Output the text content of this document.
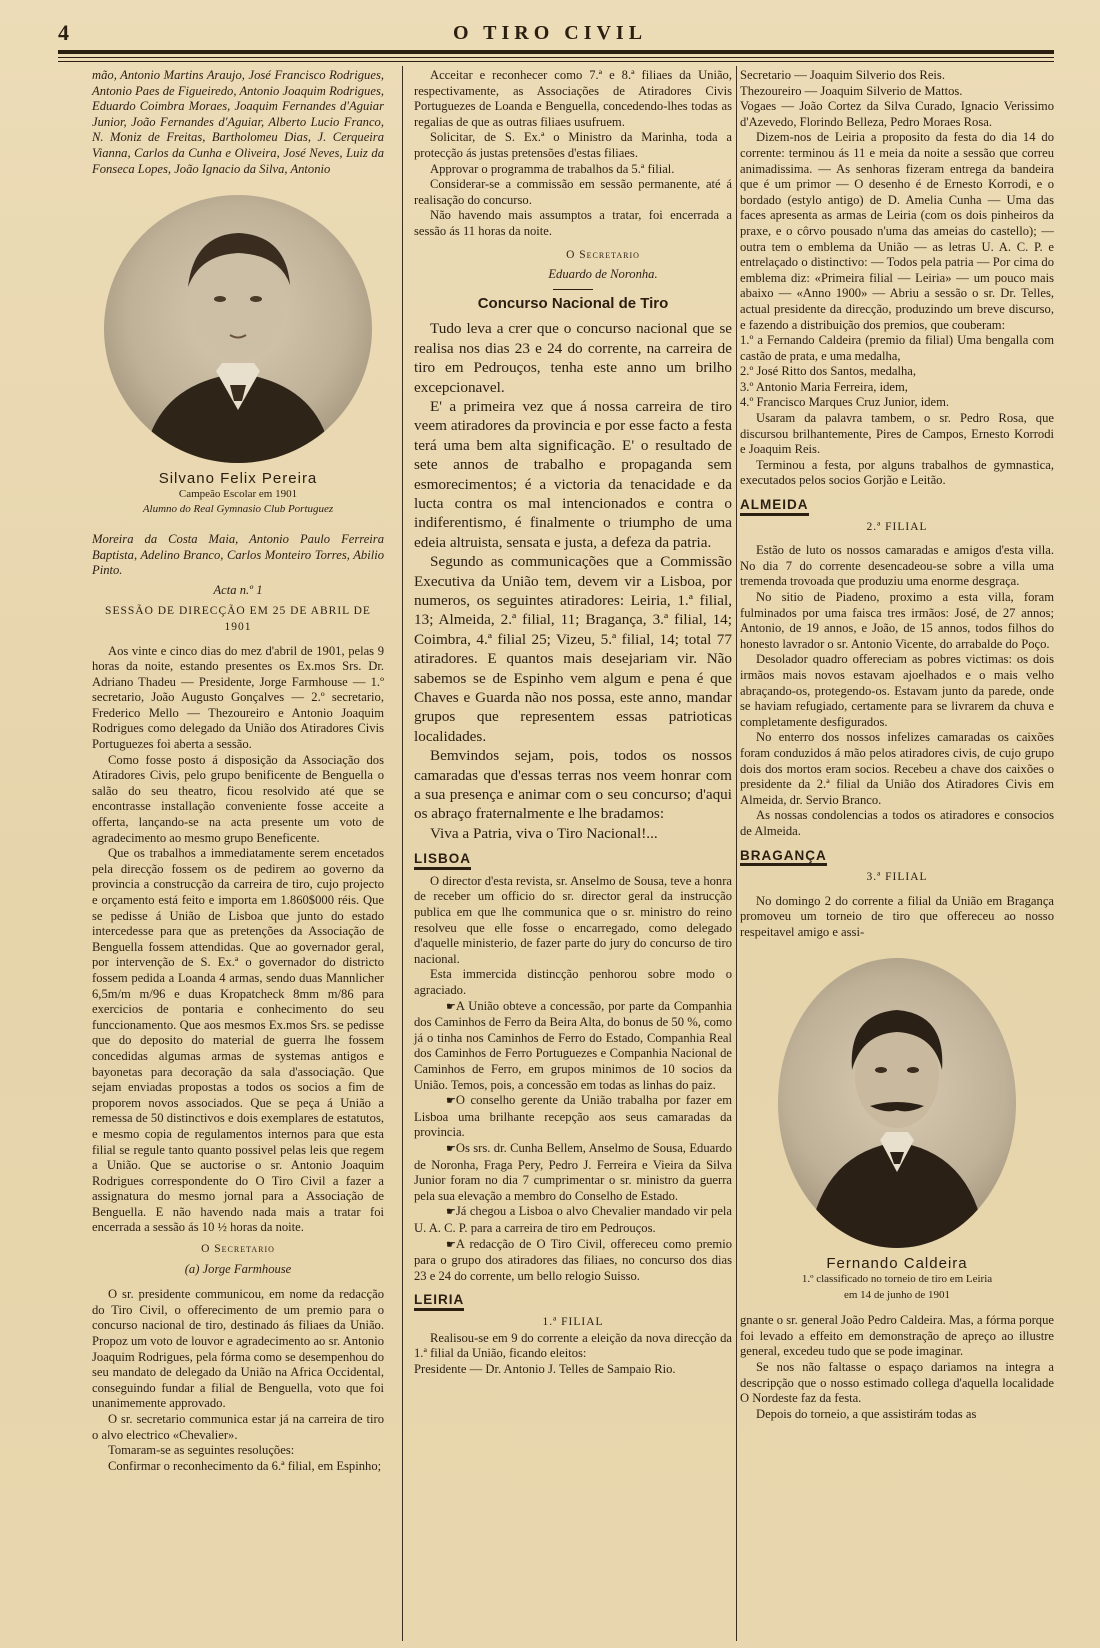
4	O TIRO CIVIL

mão, Antonio Martins Araujo, José Francisco Rodrigues, Antonio Paes de Figueiredo, Antonio Joaquim Rodrigues, Eduardo Coimbra Moraes, Joaquim Fernandes d'Aguiar Junior, João Fernandes d'Aguiar, Alberto Lucio Franco, N. Moniz de Freitas, Bartholomeu Dias, J. Cerqueira Vianna, Carlos da Cunha e Oliveira, José Neves, Luiz da Fonseca Lopes, João Ignacio da Silva, Antonio

Silvano Felix Pereira
Campeão Escolar em 1901
Alumno do Real Gymnasio Club Portuguez

Moreira da Costa Maia, Antonio Paulo Ferreira Baptista, Adelino Branco, Carlos Monteiro Torres, Abilio Pinto.

Acta n.º 1

SESSÃO DE DIRECÇÃO EM 25 DE ABRIL DE 1901

Aos vinte e cinco dias do mez d'abril de 1901, pelas 9 horas da noite, estando presentes os Ex.mos Srs. Dr. Adriano Thadeu — Presidente, Jorge Farmhouse — 1.º secretario, João Augusto Gonçalves — 2.º secretario, Frederico Mello — Thezoureiro e Antonio Joaquim Rodrigues como delegado da União dos Atiradores Civis Portuguezes foi aberta a sessão.

Como fosse posto á disposição da Associação dos Atiradores Civis, pelo grupo benificente de Benguella o salão do seu theatro, ficou resolvido até que se encontrasse installação conveniente fosse acceite a offerta, lançando-se na acta presente um voto de agradecimento ao mesmo grupo Beneficente.

Que os trabalhos a immediatamente serem encetados pela direcção fossem os de pedirem ao governo da provincia a construcção da carreira de tiro, cujo projecto e orçamento está feito e importa em 1.860$000 réis. Que se pedisse á União de Lisboa que junto do estado intercedesse para que as pretenções da Associação de Benguella fossem attendidas. Que ao governador geral, por intervenção de S. Ex.ª o governador do districto fossem pedida a Loanda 4 armas, sendo duas Mannlicher 6,5m/m m/96 e duas Kropatcheck 8mm m/86 para exercicios de pontaria e conhecimento do seu funccionamento. Que aos mesmos Ex.mos Srs. se pedisse que do deposito do material de guerra lhe fossem concedidas algumas armas de systemas antigos e bayonetas para decoração da sala d'associação. Que sejam enviadas propostas a todos os socios a fim de proporem novos associados. Que se peça á União a remessa de 50 distinctivos e dois exemplares de estatutos, e mesmo copia de regulamentos internos para que esta filial se regule tanto quanto possivel pelas leis que regem a União. Que se auctorise o sr. Antonio Joaquim Rodrigues correspondente do O Tiro Civil a fazer a assignatura do mesmo jornal para a Associação de Benguella. E não havendo nada mais a tratar foi encerrada a sessão ás 10 ½ horas da noite.

O Secretario

(a) Jorge Farmhouse

O sr. presidente communicou, em nome da redacção do Tiro Civil, o offerecimento de um premio para o concurso nacional de tiro, destinado ás filiaes da União. Propoz um voto de louvor e agradecimento ao sr. Antonio Joaquim Rodrigues, pela fórma como se desempenhou do seu mandato de delegado da União na Africa Occidental, conseguindo fundar a filial de Benguella, voto que foi unanimemente approvado.

O sr. secretario communica estar já na carreira de tiro o alvo electrico «Chevalier».

Tomaram-se as seguintes resoluções:

Confirmar o reconhecimento da 6.ª filial, em Espinho;

Acceitar e reconhecer como 7.ª e 8.ª filiaes da União, respectivamente, as Associações de Atiradores Civis Portuguezes de Loanda e Benguella, concedendo-lhes todas as regalias de que as outras filiaes usufruem.

Solicitar, de S. Ex.ª o Ministro da Marinha, toda a protecção ás justas pretensões d'estas filiaes.

Approvar o programma de trabalhos da 5.ª filial.

Considerar-se a commissão em sessão permanente, até á realisação do concurso.

Não havendo mais assumptos a tratar, foi encerrada a sessão ás 11 horas da noite.

O Secretario

Eduardo de Noronha.

Concurso Nacional de Tiro

Tudo leva a crer que o concurso nacional que se realisa nos dias 23 e 24 do corrente, na carreira de tiro em Pedrouços, tenha este anno um brilho excepcionavel.

E' a primeira vez que á nossa carreira de tiro veem atiradores da provincia e por esse facto a festa terá uma bem alta significação. E' o resultado de sete annos de trabalho e propaganda sem esmorecimentos; é a victoria da tenacidade e da lucta contra os mal intencionados e contra o indiferentismo, é finalmente o triumpho de uma edeia altruista, sensata e justa, a defeza da patria.

Segundo as communicações que a Commissão Executiva da União tem, devem vir a Lisboa, por numeros, os seguintes atiradores: Leiria, 1.ª filial, 13; Almeida, 2.ª filial, 11; Bragança, 3.ª filial, 14; Coimbra, 4.ª filial 25; Vizeu, 5.ª filial, 14; total 77 atiradores. E quantos mais desejariam vir. Não sabemos se de Espinho vem algum e pena é que Chaves e Guarda não nos possa, este anno, mandar grupos que representem essas patrioticas localidades.

Bemvindos sejam, pois, todos os nossos camaradas que d'essas terras nos veem honrar com a sua presença e animar com o seu concurso; d'aqui os abraço fraternalmente e lhe bradamos:

Viva a Patria, viva o Tiro Nacional!...

LISBOA

O director d'esta revista, sr. Anselmo de Sousa, teve a honra de receber um officio do sr. director geral da instrucção publica em que lhe communica que o sr. ministro do reino resolveu que elle fosse o encarregado, como delegado d'aquelle ministerio, de fazer parte do jury do concurso de tiro nacional.

Esta immercida distincção penhorou sobre modo o agraciado.

☛A União obteve a concessão, por parte da Companhia dos Caminhos de Ferro da Beira Alta, do bonus de 50 %, como já o tinha nos Caminhos de Ferro do Estado, Companhia Real dos Caminhos de Ferro Portuguezes e Companhia Nacional de Caminhos de Ferro, em grupos minimos de 10 socios da União. Temos, pois, a concessão em todas as linhas do paiz.

☛O conselho gerente da União trabalha por fazer em Lisboa uma brilhante recepção aos seus camaradas da provincia.

☛Os srs. dr. Cunha Bellem, Anselmo de Sousa, Eduardo de Noronha, Fraga Pery, Pedro J. Ferreira e Vieira da Silva Junior foram no dia 7 cumprimentar o sr. ministro da guerra pela sua elevação a membro do Conselho de Estado.

☛Já chegou a Lisboa o alvo Chevalier mandado vir pela U. A. C. P. para a carreira de tiro em Pedrouços.

☛A redacção de O Tiro Civil, offereceu como premio para o grupo dos atiradores das filiaes, no concurso dos dias 23 e 24 do corrente, um bello relogio Suisso.

LEIRIA

1.ª FILIAL

Realisou-se em 9 do corrente a eleição da nova direcção da 1.ª filial da União, ficando eleitos:

Presidente — Dr. Antonio J. Telles de Sampaio Rio.

Secretario — Joaquim Silverio dos Reis.

Thezoureiro — Joaquim Silverio de Mattos.

Vogaes — João Cortez da Silva Curado, Ignacio Verissimo d'Azevedo, Florindo Belleza, Pedro Moraes Rosa.

Dizem-nos de Leiria a proposito da festa do dia 14 do corrente: terminou ás 11 e meia da noite a sessão que correu animadissima. — As senhoras fizeram entrega da bandeira que é um primor — O desenho é de Ernesto Korrodi, e o bordado (estylo antigo) de D. Amelia Cunha — Uma das faces apresenta as armas de Leiria (com os dois pinheiros da praxe, e o côrvo pousado n'uma das ameias do castello); — outra tem o emblema da União — as letras U. A. C. P. e entrelaçado o distinctivo: — Todos pela patria — Por cima do emblema diz: «Primeira filial — Leiria» — um pouco mais abaixo — «Anno 1900» — Abriu a sessão o sr. Dr. Telles, actual presidente da direcção, produzindo um breve discurso, e fazendo a distribuição dos premios, que couberam:

1.º a Fernando Caldeira (premio da filial) Uma bengalla com castão de prata, e uma medalha,

2.º José Ritto dos Santos, medalha,

3.º Antonio Maria Ferreira, idem,

4.º Francisco Marques Cruz Junior, idem.

Usaram da palavra tambem, o sr. Pedro Rosa, que discursou brilhantemente, Pires de Campos, Ernesto Korrodi e Joaquim Reis.

Terminou a festa, por alguns trabalhos de gymnastica, executados pelos socios Gorjão e Leitão.

ALMEIDA

2.ª FILIAL

Estão de luto os nossos camaradas e amigos d'esta villa. No dia 7 do corrente desencadeou-se sobre a villa uma tremenda trovoada que produziu uma enorme desgraça.

No sitio de Piadeno, proximo a esta villa, foram fulminados por uma faisca tres irmãos: José, de 27 annos; Antonio, de 19 annos, e João, de 15 annos, todos filhos do honesto lavrador o sr. Antonio Vicente, do arrabalde do Poço.

Desolador quadro offereciam as pobres victimas: os dois irmãos mais novos estavam ajoelhados e o mais velho abraçando-os, protegendo-os. Estavam junto da parede, onde se haviam refugiado, certamente para se livrarem da chuva e completamente desfigurados.

No enterro dos nossos infelizes camaradas os caixões foram conduzidos á mão pelos atiradores civis, de cujo grupo dois dos mortos eram socios. Recebeu a chave dos caixões o presidente da 2.ª filial da União dos Atiradores Civis em Almeida, dr. Servio Branco.

As nossas condolencias a todos os atiradores e consocios de Almeida.

BRAGANÇA

3.ª FILIAL

No domingo 2 do corrente a filial da União em Bragança promoveu um torneio de tiro que offereceu ao nosso respeitavel amigo e assi-

Fernando Caldeira
1.º classificado no torneio de tiro em Leiria
em 14 de junho de 1901

gnante o sr. general João Pedro Caldeira. Mas, a fórma porque foi levado a effeito em demonstração de apreço ao illustre general, excedeu tudo que se pode imaginar.

Se nos não faltasse o espaço dariamos na integra a descripção que o nosso estimado collega d'aquella localidade O Nordeste faz da festa.

Depois do torneio, a que assistirám todas as
